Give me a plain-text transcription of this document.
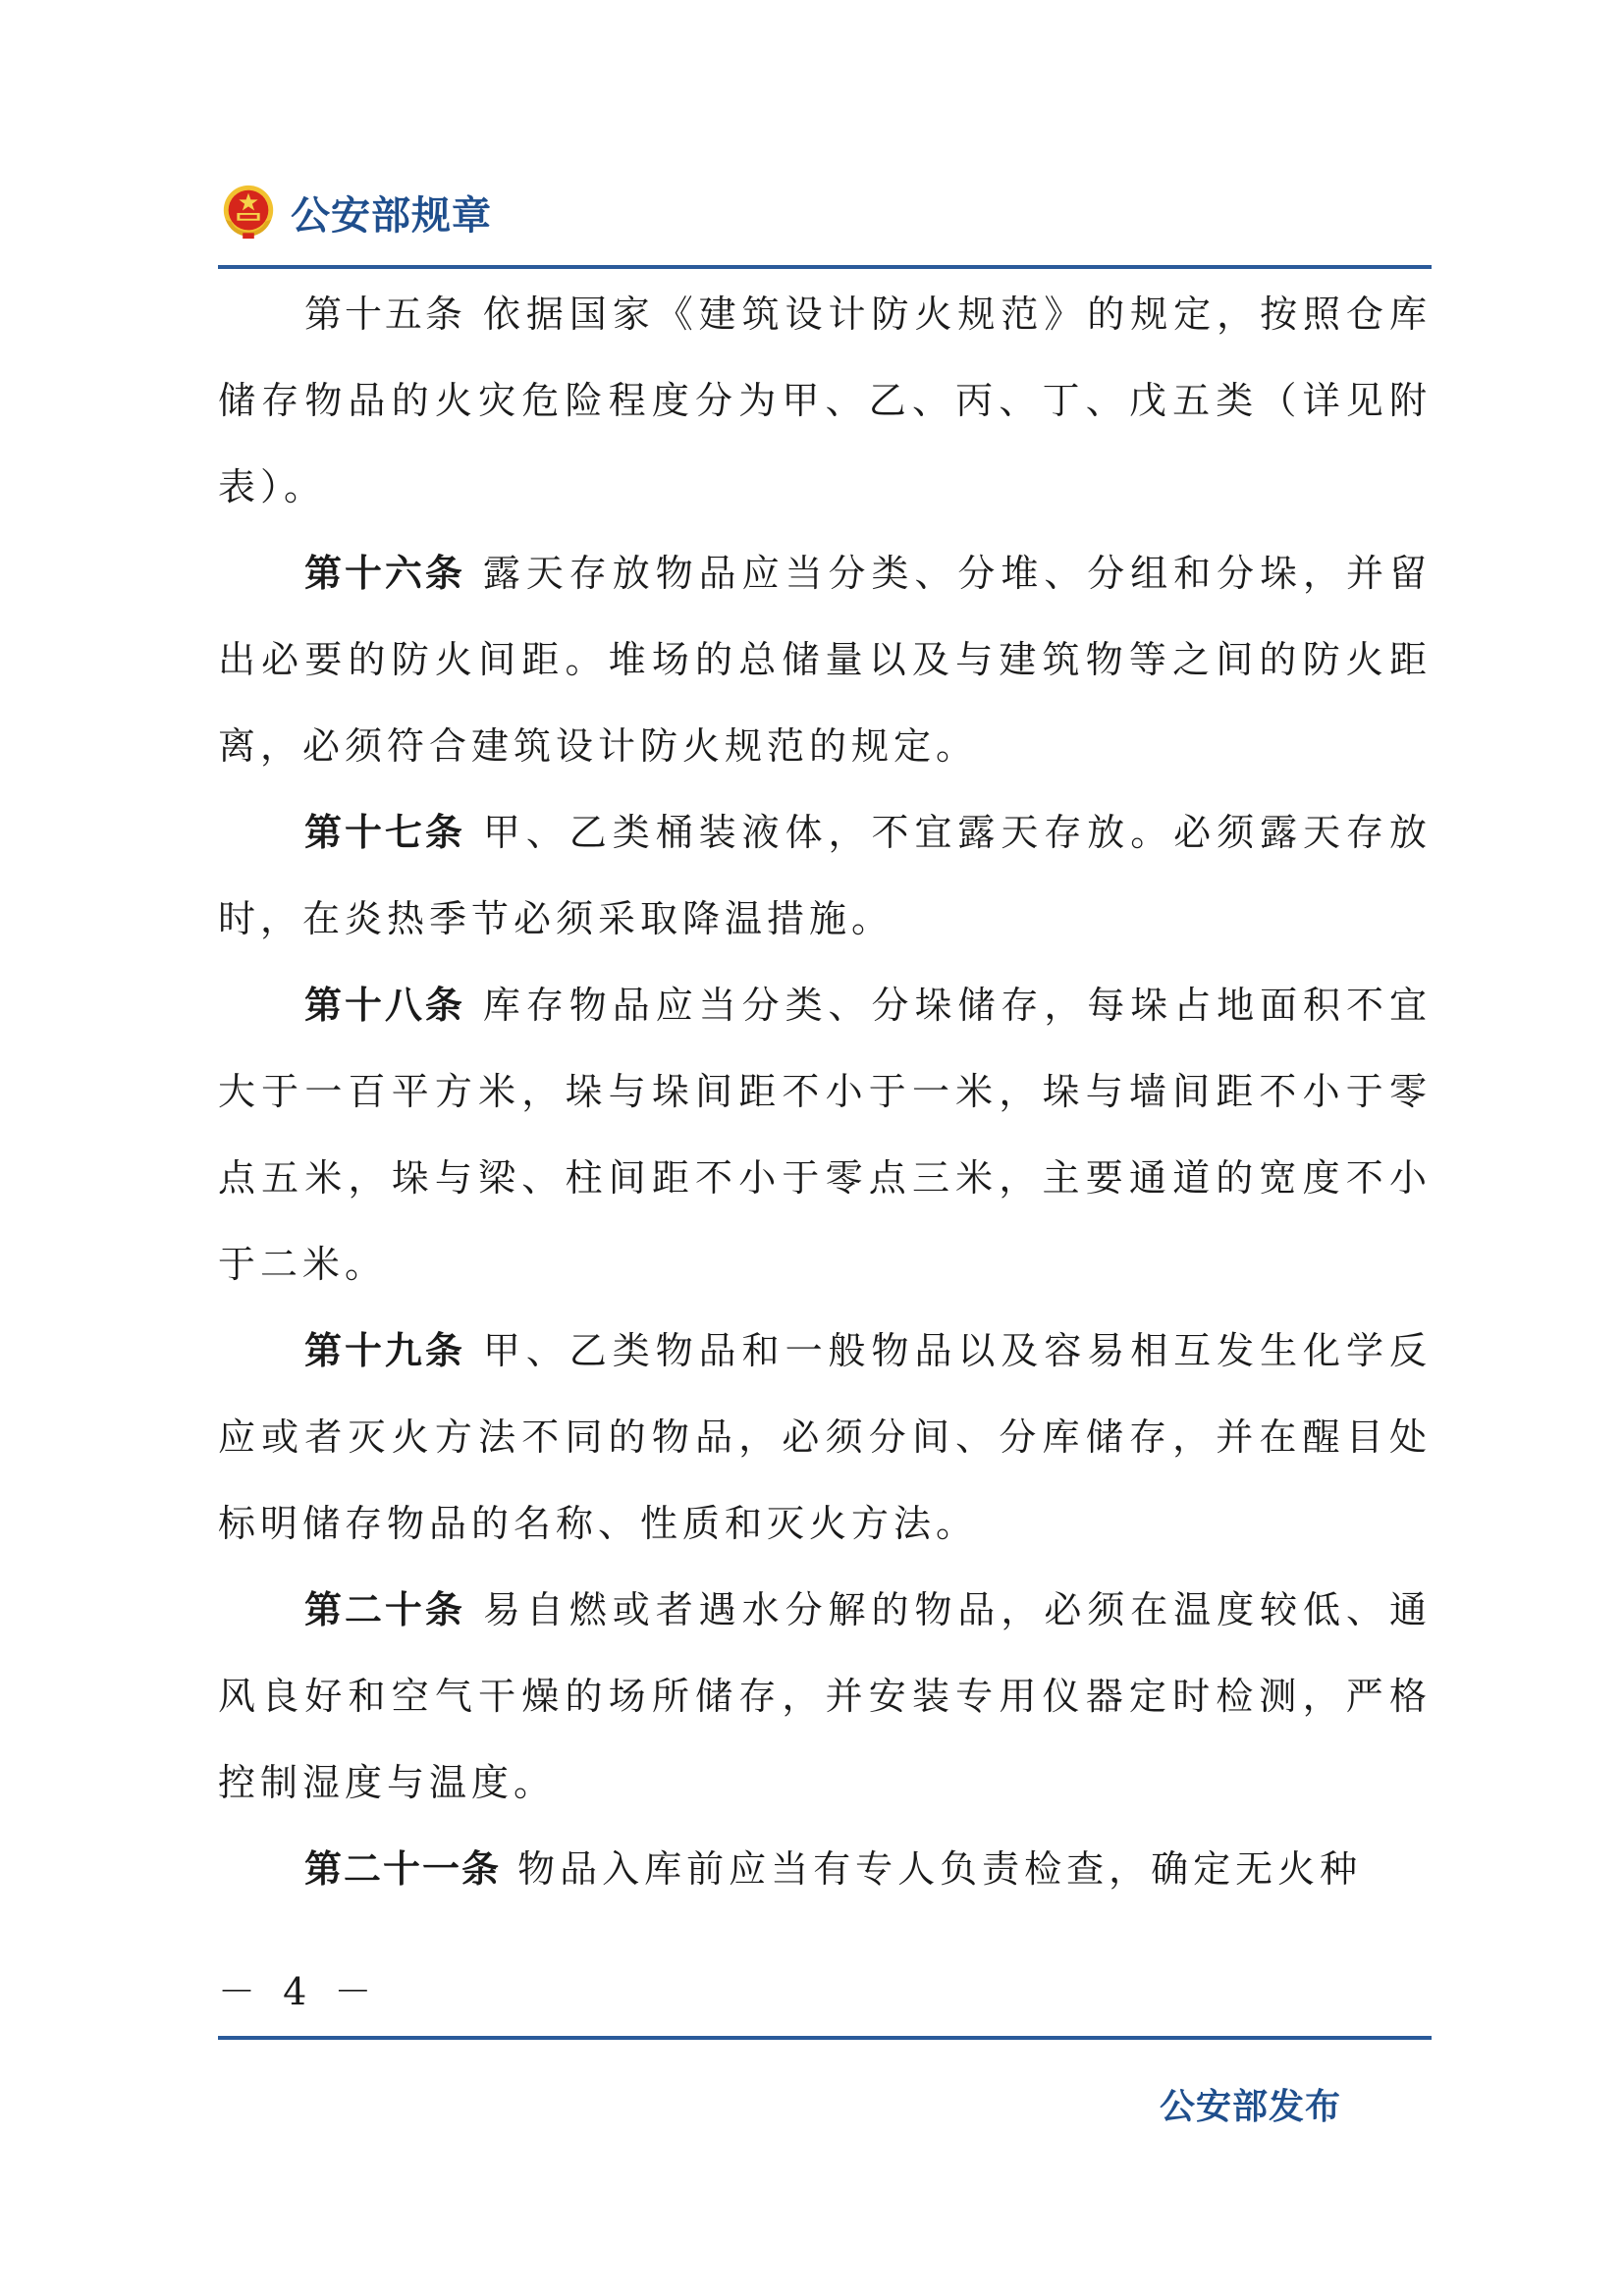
公安部规章

第十五条 依据国家《建筑设计防火规范》的规定，按照仓库储存物品的火灾危险程度分为甲、乙、丙、丁、戊五类（详见附表）。

第十六条 露天存放物品应当分类、分堆、分组和分垛，并留出必要的防火间距。堆场的总储量以及与建筑物等之间的防火距离，必须符合建筑设计防火规范的规定。

第十七条 甲、乙类桶装液体，不宜露天存放。必须露天存放时，在炎热季节必须采取降温措施。

第十八条 库存物品应当分类、分垛储存，每垛占地面积不宜大于一百平方米，垛与垛间距不小于一米，垛与墙间距不小于零点五米，垛与梁、柱间距不小于零点三米，主要通道的宽度不小于二米。

第十九条 甲、乙类物品和一般物品以及容易相互发生化学反应或者灭火方法不同的物品，必须分间、分库储存，并在醒目处标明储存物品的名称、性质和灭火方法。

第二十条 易自燃或者遇水分解的物品，必须在温度较低、通风良好和空气干燥的场所储存，并安装专用仪器定时检测，严格控制湿度与温度。

第二十一条 物品入库前应当有专人负责检查，确定无火种

－ 4 －
公安部发布
